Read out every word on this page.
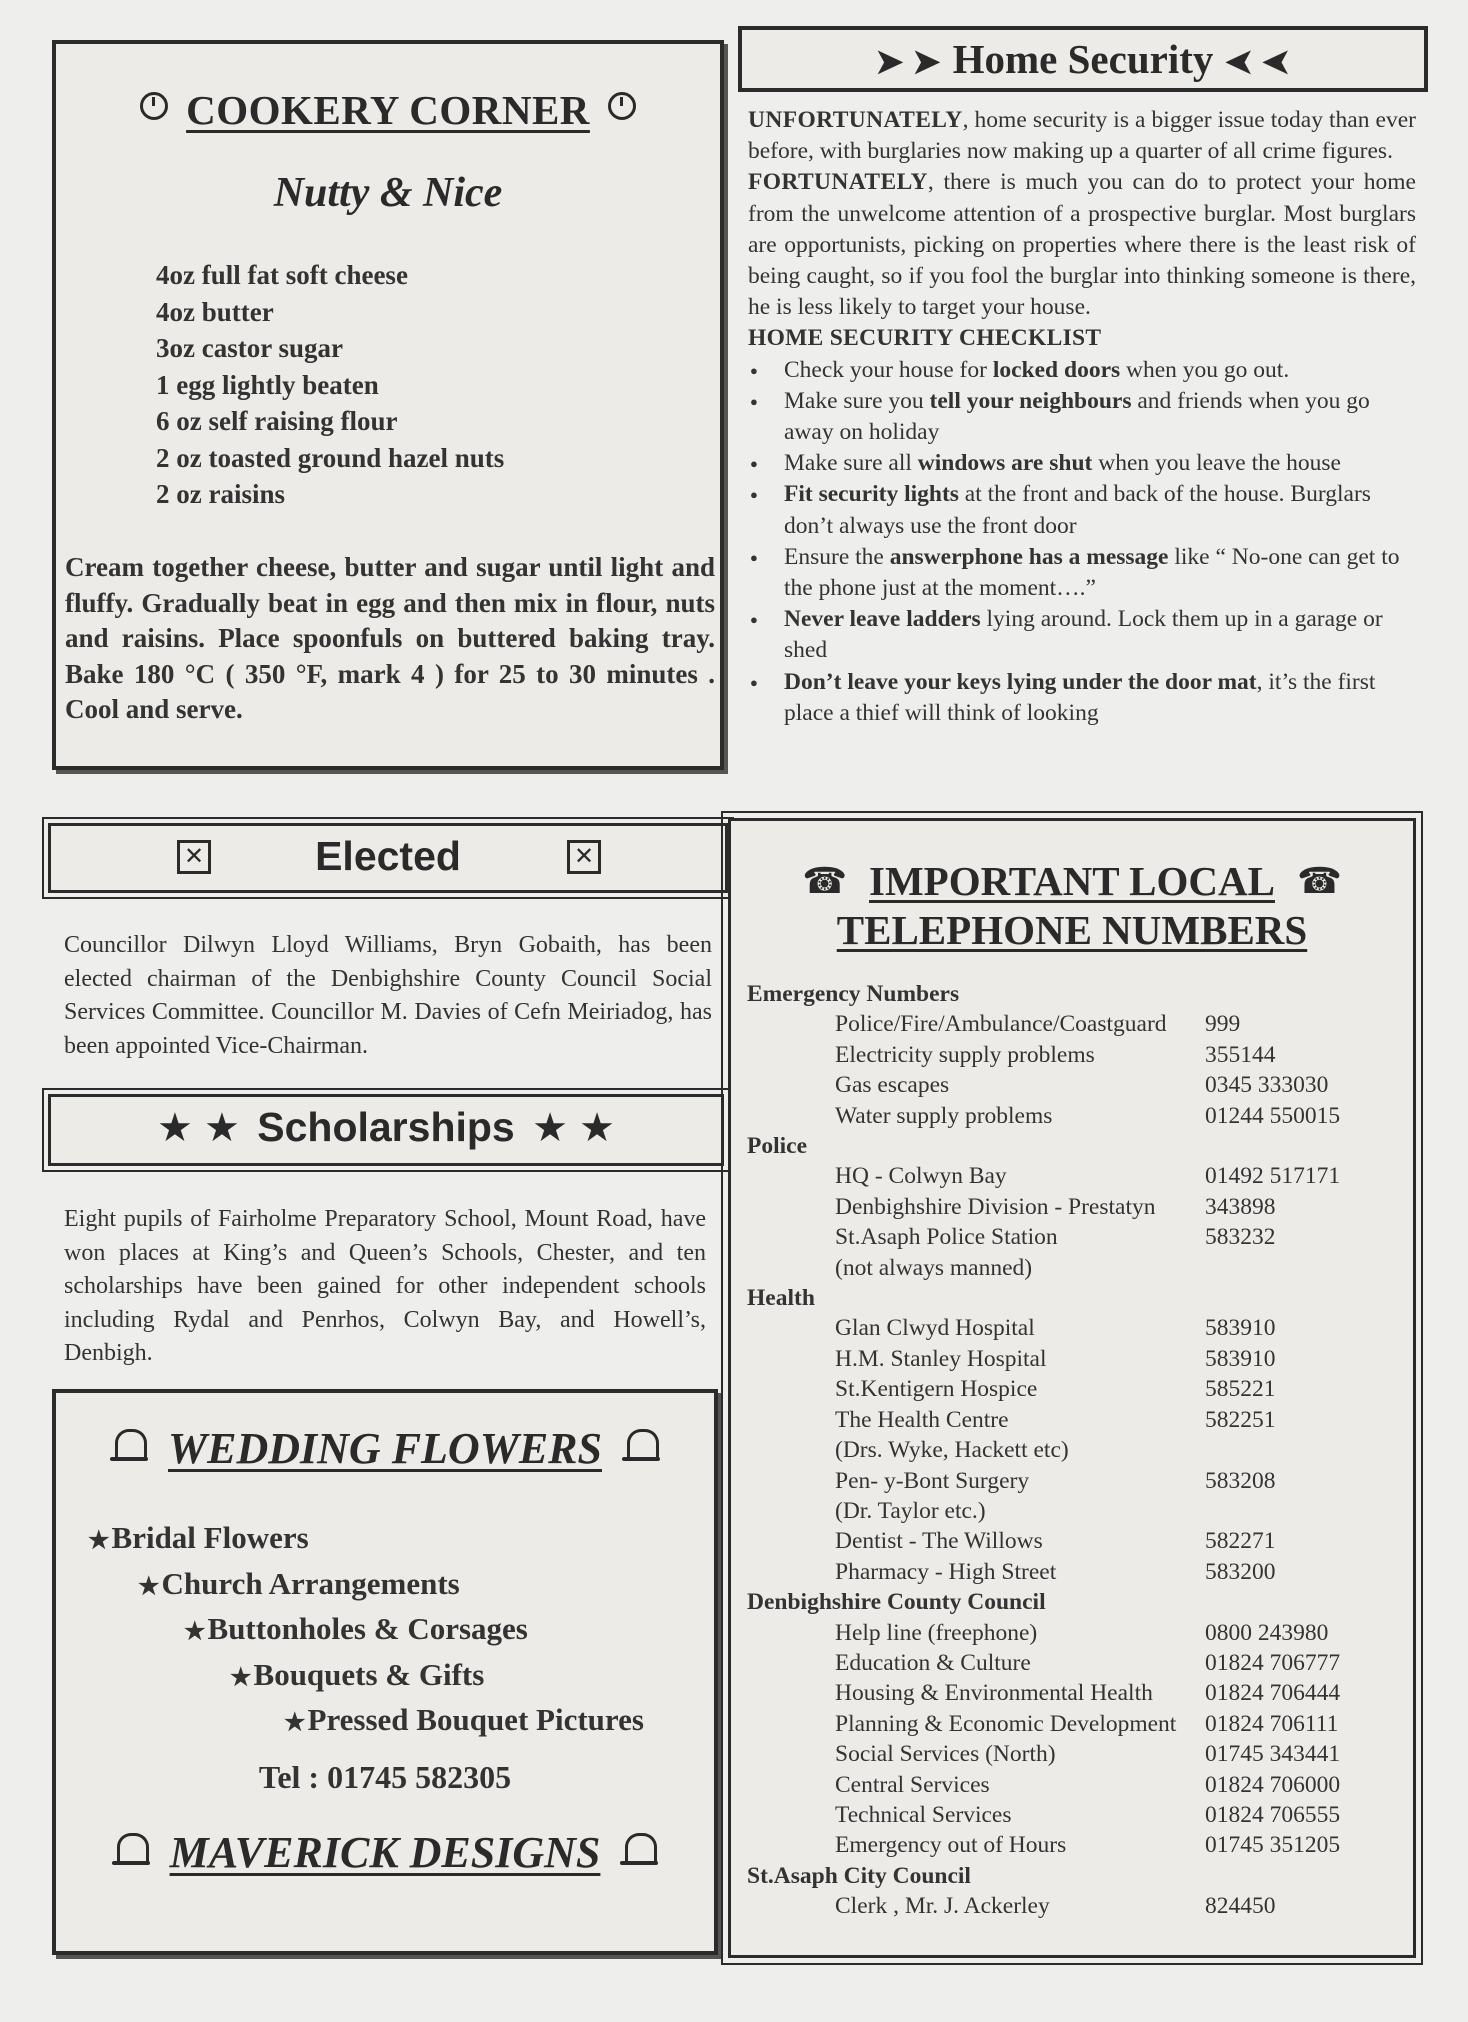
COOKERY CORNER
Nutty & Nice
4oz full fat soft cheese
4oz butter
3oz castor sugar
1 egg lightly beaten
6 oz self raising flour
2 oz toasted ground hazel nuts
2 oz raisins
Cream together cheese, butter and sugar until light and fluffy. Gradually beat in egg and then mix in flour, nuts and raisins. Place spoonfuls on buttered baking tray. Bake 180 °C ( 350 °F, mark 4 ) for 25 to 30 minutes . Cool and serve.
➤ ➤ Home Security ➤ ➤

UNFORTUNATELY, home security is a bigger issue today than ever before, with burglaries now making up a quarter of all crime figures.

FORTUNATELY, there is much you can do to protect your home from the unwelcome attention of a prospective burglar. Most burglars are opportunists, picking on properties where there is the least risk of being caught, so if you fool the burglar into thinking someone is there, he is less likely to target your house.

HOME SECURITY CHECKLIST
● Check your house for locked doors when you go out.
● Make sure you tell your neighbours and friends when you go away on holiday
● Make sure all windows are shut when you leave the house
● Fit security lights at the front and back of the house. Burglars don’t always use the front door
● Ensure the answerphone has a message like “ No-one can get to the phone just at the moment….”
● Never leave ladders lying around. Lock them up in a garage or shed
● Don’t leave your keys lying under the door mat, it’s the first place a thief will think of looking
✕	Elected	✕
Councillor Dilwyn Lloyd Williams, Bryn Gobaith, has been elected chairman of the Denbighshire County Council Social Services Committee. Councillor M. Davies of Cefn Meiriadog, has been appointed Vice-Chairman.
★ ★ Scholarships ★ ★
Eight pupils of Fairholme Preparatory School, Mount Road, have won places at King’s and Queen’s Schools, Chester, and ten scholarships have been gained for other independent schools including Rydal and Penrhos, Colwyn Bay, and Howell’s, Denbigh.
WEDDING FLOWERS
★ Bridal Flowers
★ Church Arrangements
★ Buttonholes & Corsages
★ Bouquets & Gifts
★ Pressed Bouquet Pictures
Tel : 01745 582305
MAVERICK DESIGNS
☎ IMPORTANT LOCAL ☎
TELEPHONE NUMBERS
Emergency Numbers
Police/Fire/Ambulance/Coastguard	999
Electricity supply problems	355144
Gas escapes	0345 333030
Water supply problems	01244 550015
Police
HQ - Colwyn Bay	01492 517171
Denbighshire Division - Prestatyn	343898
St.Asaph Police Station	583232
(not always manned)
Health
Glan Clwyd Hospital	583910
H.M. Stanley Hospital	583910
St.Kentigern Hospice	585221
The Health Centre	582251
(Drs. Wyke, Hackett etc)
Pen- y-Bont Surgery	583208
(Dr. Taylor etc.)
Dentist - The Willows	582271
Pharmacy - High Street	583200
Denbighshire County Council
Help line (freephone)	0800 243980
Education & Culture	01824 706777
Housing & Environmental Health	01824 706444
Planning & Economic Development	01824 706111
Social Services (North)	01745 343441
Central Services	01824 706000
Technical Services	01824 706555
Emergency out of Hours	01745 351205
St.Asaph City Council
Clerk , Mr. J. Ackerley	824450
